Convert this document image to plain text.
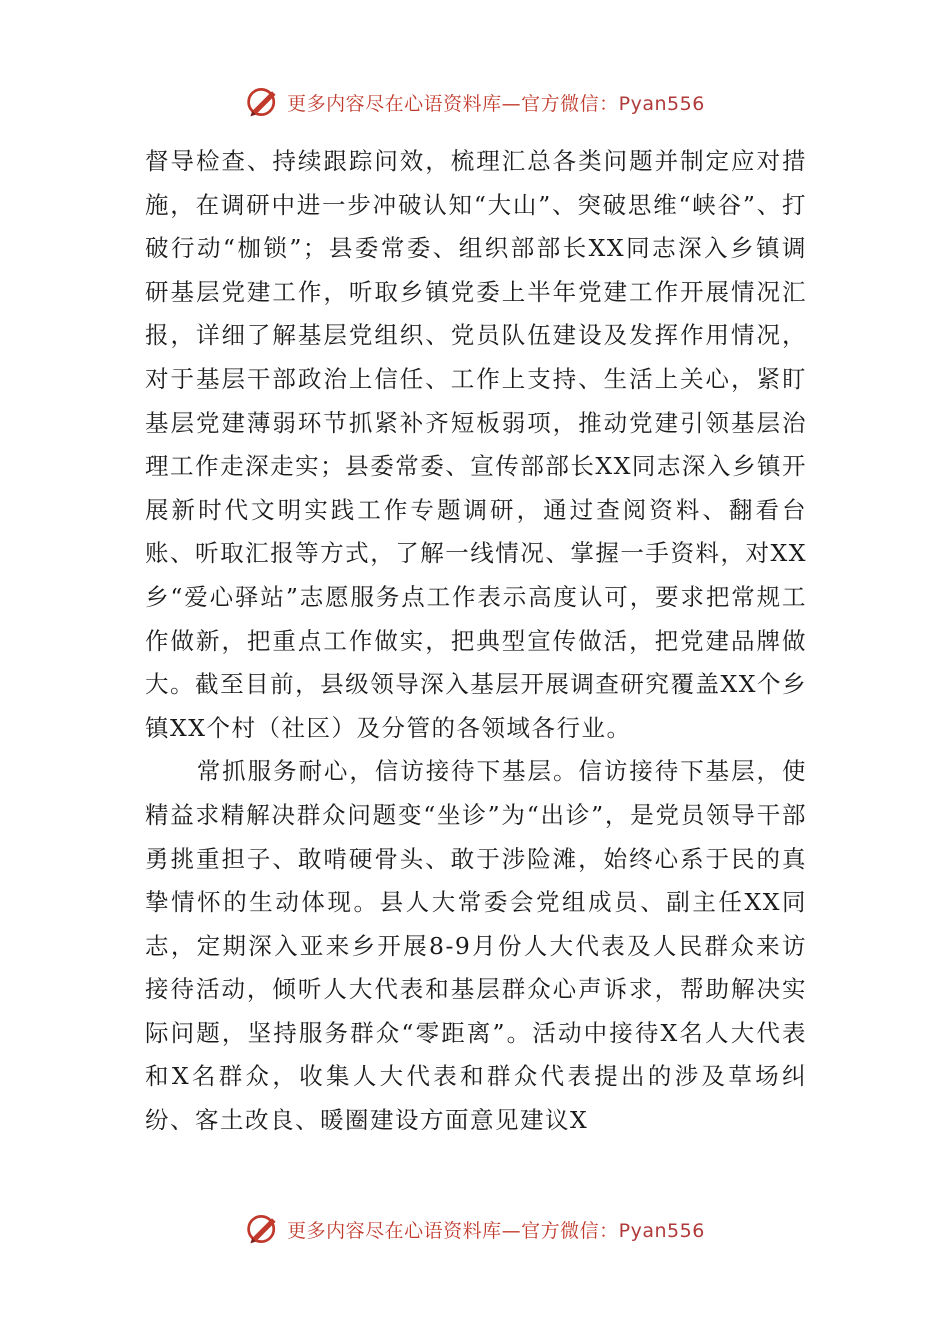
更多内容尽在心语资料库—官方微信：Pyan556

督导检查、持续跟踪问效，梳理汇总各类问题并制定应对措施，在调研中进一步冲破认知“大山”、突破思维“峡谷”、打破行动“枷锁”；县委常委、组织部部长XX同志深入乡镇调研基层党建工作，听取乡镇党委上半年党建工作开展情况汇报，详细了解基层党组织、党员队伍建设及发挥作用情况，对于基层干部政治上信任、工作上支持、生活上关心，紧盯基层党建薄弱环节抓紧补齐短板弱项，推动党建引领基层治理工作走深走实；县委常委、宣传部部长XX同志深入乡镇开展新时代文明实践工作专题调研，通过查阅资料、翻看台账、听取汇报等方式，了解一线情况、掌握一手资料，对XX乡“爱心驿站”志愿服务点工作表示高度认可，要求把常规工作做新，把重点工作做实，把典型宣传做活，把党建品牌做大。截至目前，县级领导深入基层开展调查研究覆盖XX个乡镇XX个村（社区）及分管的各领域各行业。

常抓服务耐心，信访接待下基层。信访接待下基层，使精益求精解决群众问题变“坐诊”为“出诊”，是党员领导干部勇挑重担子、敢啃硬骨头、敢于涉险滩，始终心系于民的真挚情怀的生动体现。县人大常委会党组成员、副主任XX同志，定期深入亚来乡开展8-9月份人大代表及人民群众来访接待活动，倾听人大代表和基层群众心声诉求，帮助解决实际问题，坚持服务群众“零距离”。活动中接待X名人大代表和X名群众，收集人大代表和群众代表提出的涉及草场纠纷、客土改良、暖圈建设方面意见建议X

更多内容尽在心语资料库—官方微信：Pyan556
